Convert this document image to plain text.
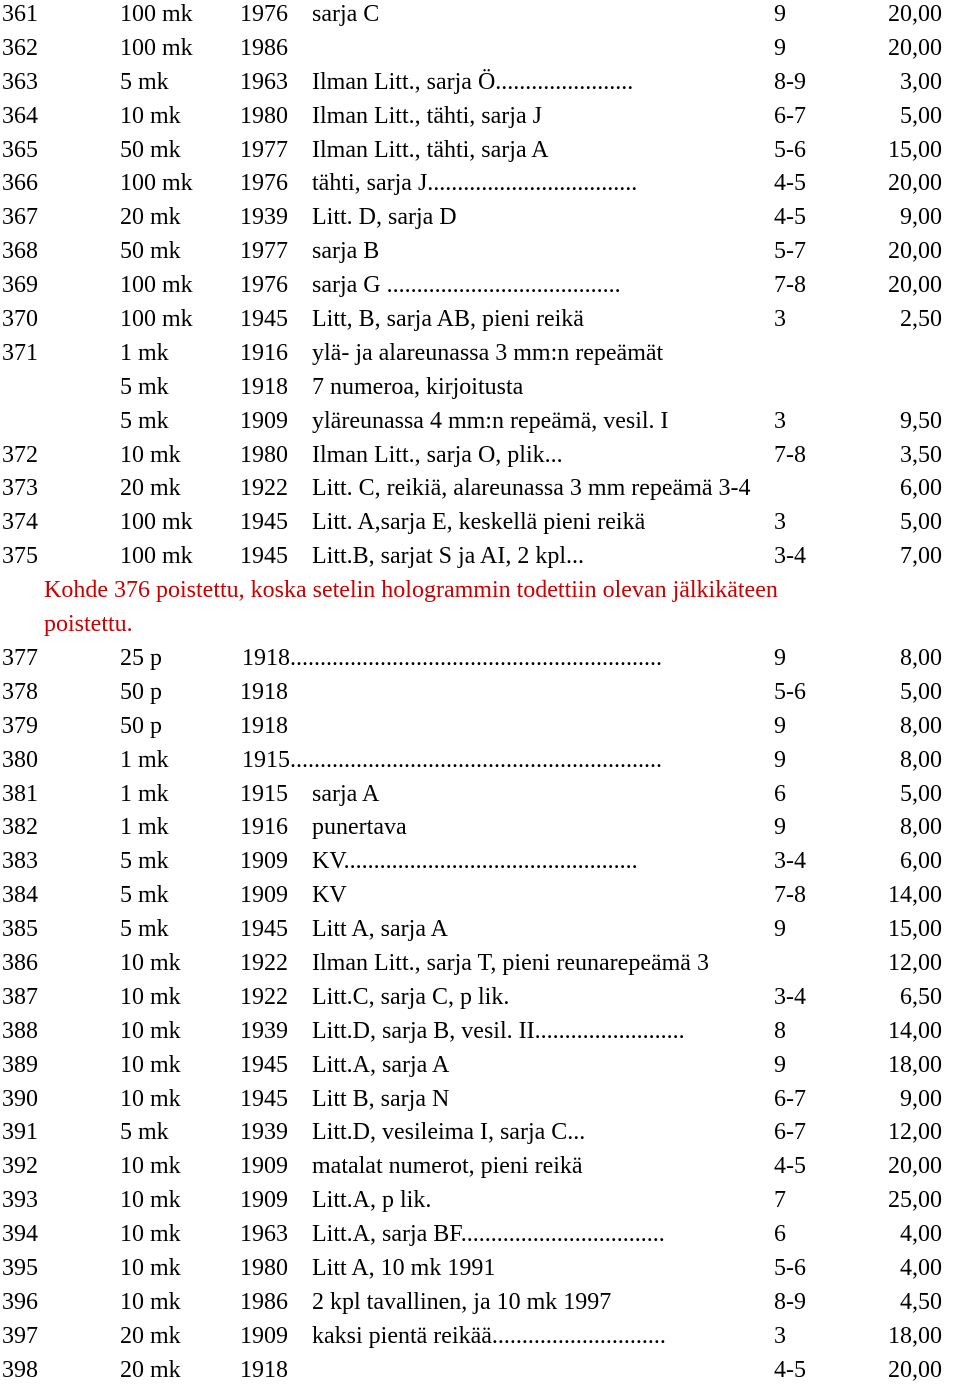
361	100 mk 1976 sarja C	9	20,00
362	100 mk 1986	9	20,00
363	5 mk	1963 Ilman Litt., sarja Ö.......................	8-9	3,00
364	10 mk 1980 Ilman Litt., tähti, sarja J	6-7	5,00
365	50 mk 1977 Ilman Litt., tähti, sarja A	5-6	15,00
366	100 mk 1976 tähti, sarja J...................................	4-5	20,00
367	20 mk 1939 Litt. D, sarja D	4-5	9,00
368	50 mk 1977 sarja B	5-7	20,00
369	100 mk 1976 sarja G .......................................	7-8	20,00
370	100 mk 1945 Litt, B, sarja AB, pieni reikä	3	2,50
371	1 mk	1916 ylä- ja alareunassa 3 mm:n repeämät
5 mk	1918 7 numeroa, kirjoitusta
5 mk	1909 yläreunassa 4 mm:n repeämä, vesil. I	3	9,50
372	10 mk 1980 Ilman Litt., sarja O, plik...	7-8	3,50
373	20 mk 1922 Litt. C, reikiä, alareunassa 3 mm repeämä 3-4	6,00
374	100 mk 1945 Litt. A,sarja E, keskellä pieni reikä	3	5,00
375	100 mk 1945 Litt.B, sarjat S ja AI, 2 kpl...	3-4	7,00
Kohde 376 poistettu, koska setelin hologrammin todettiin olevan jälkikäteen poistettu.
377	25 p	1918..............................................................	9	8,00
378	50 p	1918	5-6	5,00
379	50 p	1918	9	8,00
380	1 mk	1915..............................................................	9	8,00
381	1 mk	1915 sarja A	6	5,00
382	1 mk	1916 punertava	9	8,00
383	5 mk	1909 KV.................................................	3-4	6,00
384	5 mk	1909 KV	7-8	14,00
385	5 mk	1945 Litt A, sarja A	9	15,00
386	10 mk 1922 Ilman Litt., sarja T, pieni reunarepeämä 3	12,00
387	10 mk 1922 Litt.C, sarja C, p lik.	3-4	6,50
388	10 mk 1939 Litt.D, sarja B, vesil. II.........................	8	14,00
389	10 mk 1945 Litt.A, sarja A	9	18,00
390	10 mk 1945 Litt B, sarja N	6-7	9,00
391	5 mk	1939 Litt.D, vesileima I, sarja C...	6-7	12,00
392	10 mk 1909 matalat numerot, pieni reikä	4-5	20,00
393	10 mk 1909 Litt.A, p lik.	7	25,00
394	10 mk 1963 Litt.A, sarja BF..................................	6	4,00
395	10 mk 1980 Litt A, 10 mk 1991	5-6	4,00
396	10 mk 1986 2 kpl tavallinen, ja 10 mk 1997	8-9	4,50
397	20 mk 1909 kaksi pientä reikää.............................	3	18,00
398	20 mk 1918	4-5	20,00
